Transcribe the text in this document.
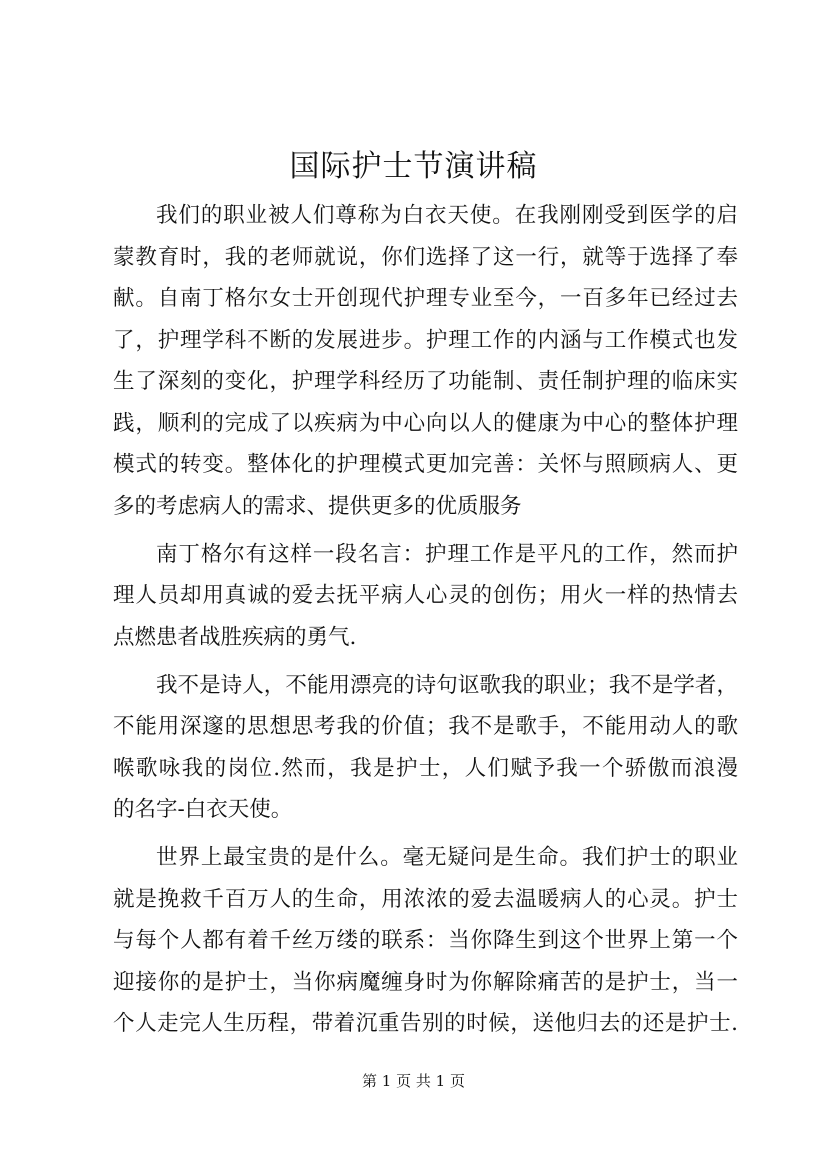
国际护士节演讲稿
我们的职业被人们尊称为白衣天使。在我刚刚受到医学的启
蒙教育时，我的老师就说，你们选择了这一行，就等于选择了奉
献。自南丁格尔女士开创现代护理专业至今，一百多年已经过去
了，护理学科不断的发展进步。护理工作的内涵与工作模式也发
生了深刻的变化，护理学科经历了功能制、责任制护理的临床实
践，顺利的完成了以疾病为中心向以人的健康为中心的整体护理
模式的转变。整体化的护理模式更加完善：关怀与照顾病人、更
多的考虑病人的需求、提供更多的优质服务
南丁格尔有这样一段名言：护理工作是平凡的工作，然而护
理人员却用真诚的爱去抚平病人心灵的创伤；用火一样的热情去
点燃患者战胜疾病的勇气.
我不是诗人，不能用漂亮的诗句讴歌我的职业；我不是学者，
不能用深邃的思想思考我的价值；我不是歌手，不能用动人的歌
喉歌咏我的岗位.然而，我是护士，人们赋予我一个骄傲而浪漫
的名字-白衣天使。
世界上最宝贵的是什么。毫无疑问是生命。我们护士的职业
就是挽救千百万人的生命，用浓浓的爱去温暖病人的心灵。护士
与每个人都有着千丝万缕的联系：当你降生到这个世界上第一个
迎接你的是护士，当你病魔缠身时为你解除痛苦的是护士，当一
个人走完人生历程，带着沉重告别的时候，送他归去的还是护士.
第 1 页 共 1 页
